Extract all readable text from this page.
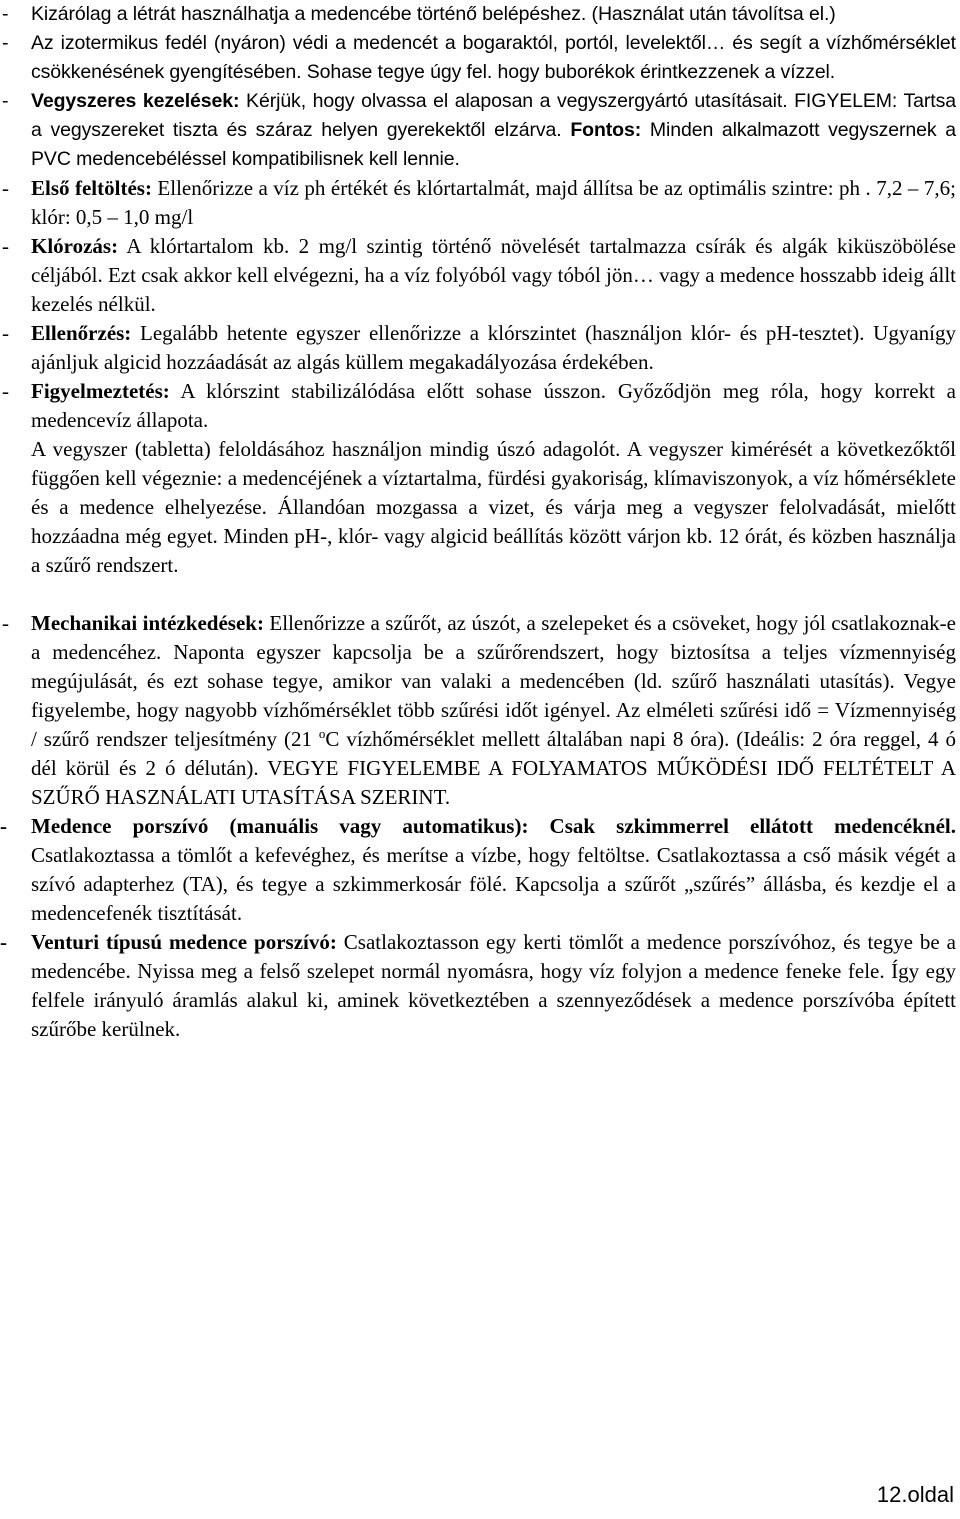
- Kizárólag a létrát használhatja a medencébe történő belépéshez. (Használat után távolítsa el.)
- Az izotermikus fedél (nyáron) védi a medencét a bogaraktól, portól, levelektől… és segít a vízhőmérséklet csökkenésének gyengítésében. Sohase tegye úgy fel. hogy buborékok érintkezzenek a vízzel.
- Vegyszeres kezelések: Kérjük, hogy olvassa el alaposan a vegyszergyártó utasításait. FIGYELEM: Tartsa a vegyszereket tiszta és száraz helyen gyerekektől elzárva. Fontos: Minden alkalmazott vegyszernek a PVC medencebéléssel kompatibilisnek kell lennie.
- Első feltöltés: Ellenőrizze a víz ph értékét és klórtartalmát, majd állítsa be az optimális szintre: ph . 7,2 – 7,6; klór: 0,5 – 1,0 mg/l
- Klórozás: A klórtartalom kb. 2 mg/l szintig történő növelését tartalmazza csírák és algák kiküszöbölése céljából. Ezt csak akkor kell elvégezni, ha a víz folyóból vagy tóból jön… vagy a medence hosszabb ideig állt kezelés nélkül.
- Ellenőrzés: Legalább hetente egyszer ellenőrizze a klórszintet (használjon klór- és pH-tesztet). Ugyanígy ajánljuk algicid hozzáadását az algás küllem megakadályozása érdekében.
- Figyelmeztetés: A klórszint stabilizálódása előtt sohase ússzon. Győződjön meg róla, hogy korrekt a medencevíz állapota.
A vegyszer (tabletta) feloldásához használjon mindig úszó adagolót. A vegyszer kimérését a következőktől függően kell végeznie: a medencéjének a víztartalma, fürdési gyakoriság, klímaviszonyok, a víz hőmérséklete és a medence elhelyezése. Állandóan mozgassa a vizet, és várja meg a vegyszer felolvadását, mielőtt hozzáadna még egyet. Minden pH-, klór- vagy algicid beállítás között várjon kb. 12 órát, és közben használja a szűrő rendszert.
- Mechanikai intézkedések: Ellenőrizze a szűrőt, az úszót, a szelepeket és a csöveket, hogy jól csatlakoznak-e a medencéhez. Naponta egyszer kapcsolja be a szűrőrendszert, hogy biztosítsa a teljes vízmennyiség megújulását, és ezt sohase tegye, amikor van valaki a medencében (ld. szűrő használati utasítás). Vegye figyelembe, hogy nagyobb vízhőmérséklet több szűrési időt igényel. Az elméleti szűrési idő = Vízmennyiség / szűrő rendszer teljesítmény (21 $^o$C vízhőmérséklet mellett általában napi 8 óra). (Ideális: 2 óra reggel, 4 ó dél körül és 2 ó délután). VEGYE FIGYELEMBE A FOLYAMATOS MŰKÖDÉSI IDŐ FELTÉTELT A SZŰRŐ HASZNÁLATI UTASÍTÁSA SZERINT.
- Medence porszívó (manuális vagy automatikus): Csak szkimmerrel ellátott medencéknél. Csatlakoztassa a tömlőt a kefevéghez, és merítse a vízbe, hogy feltöltse. Csatlakoztassa a cső másik végét a szívó adapterhez (TA), és tegye a szkimmerkosár fölé. Kapcsolja a szűrőt „szűrés” állásba, és kezdje el a medencefenék tisztítását.
- Venturi típusú medence porszívó: Csatlakoztasson egy kerti tömlőt a medence porszívóhoz, és tegye be a medencébe. Nyissa meg a felső szelepet normál nyomásra, hogy víz folyjon a medence feneke fele. Így egy felfele irányuló áramlás alakul ki, aminek következtében a szennyeződések a medence porszívóba épített szűrőbe kerülnek.
12.oldal
